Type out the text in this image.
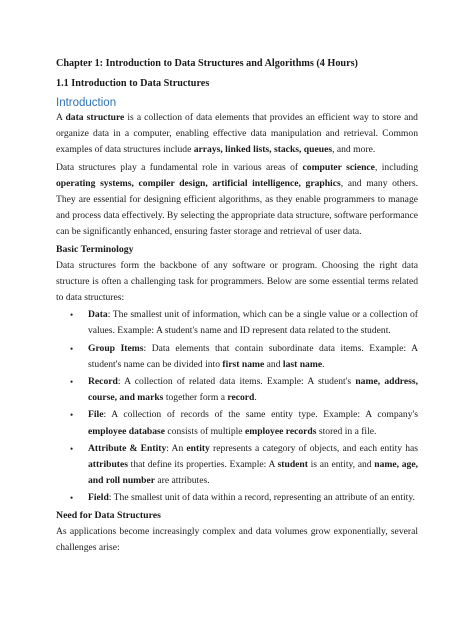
Chapter 1: Introduction to Data Structures and Algorithms (4 Hours)
1.1 Introduction to Data Structures
Introduction

A data structure is a collection of data elements that provides an efficient way to store and organize data in a computer, enabling effective data manipulation and retrieval. Common examples of data structures include arrays, linked lists, stacks, queues, and more.

Data structures play a fundamental role in various areas of computer science, including operating systems, compiler design, artificial intelligence, graphics, and many others. They are essential for designing efficient algorithms, as they enable programmers to manage and process data effectively. By selecting the appropriate data structure, software performance can be significantly enhanced, ensuring faster storage and retrieval of user data.

Basic Terminology

Data structures form the backbone of any software or program. Choosing the right data structure is often a challenging task for programmers. Below are some essential terms related to data structures:

• Data: The smallest unit of information, which can be a single value or a collection of values. Example: A student's name and ID represent data related to the student.
• Group Items: Data elements that contain subordinate data items. Example: A student's name can be divided into first name and last name.
• Record: A collection of related data items. Example: A student's name, address, course, and marks together form a record.
• File: A collection of records of the same entity type. Example: A company's employee database consists of multiple employee records stored in a file.
• Attribute & Entity: An entity represents a category of objects, and each entity has attributes that define its properties. Example: A student is an entity, and name, age, and roll number are attributes.
• Field: The smallest unit of data within a record, representing an attribute of an entity.
Need for Data Structures

As applications become increasingly complex and data volumes grow exponentially, several challenges arise:
